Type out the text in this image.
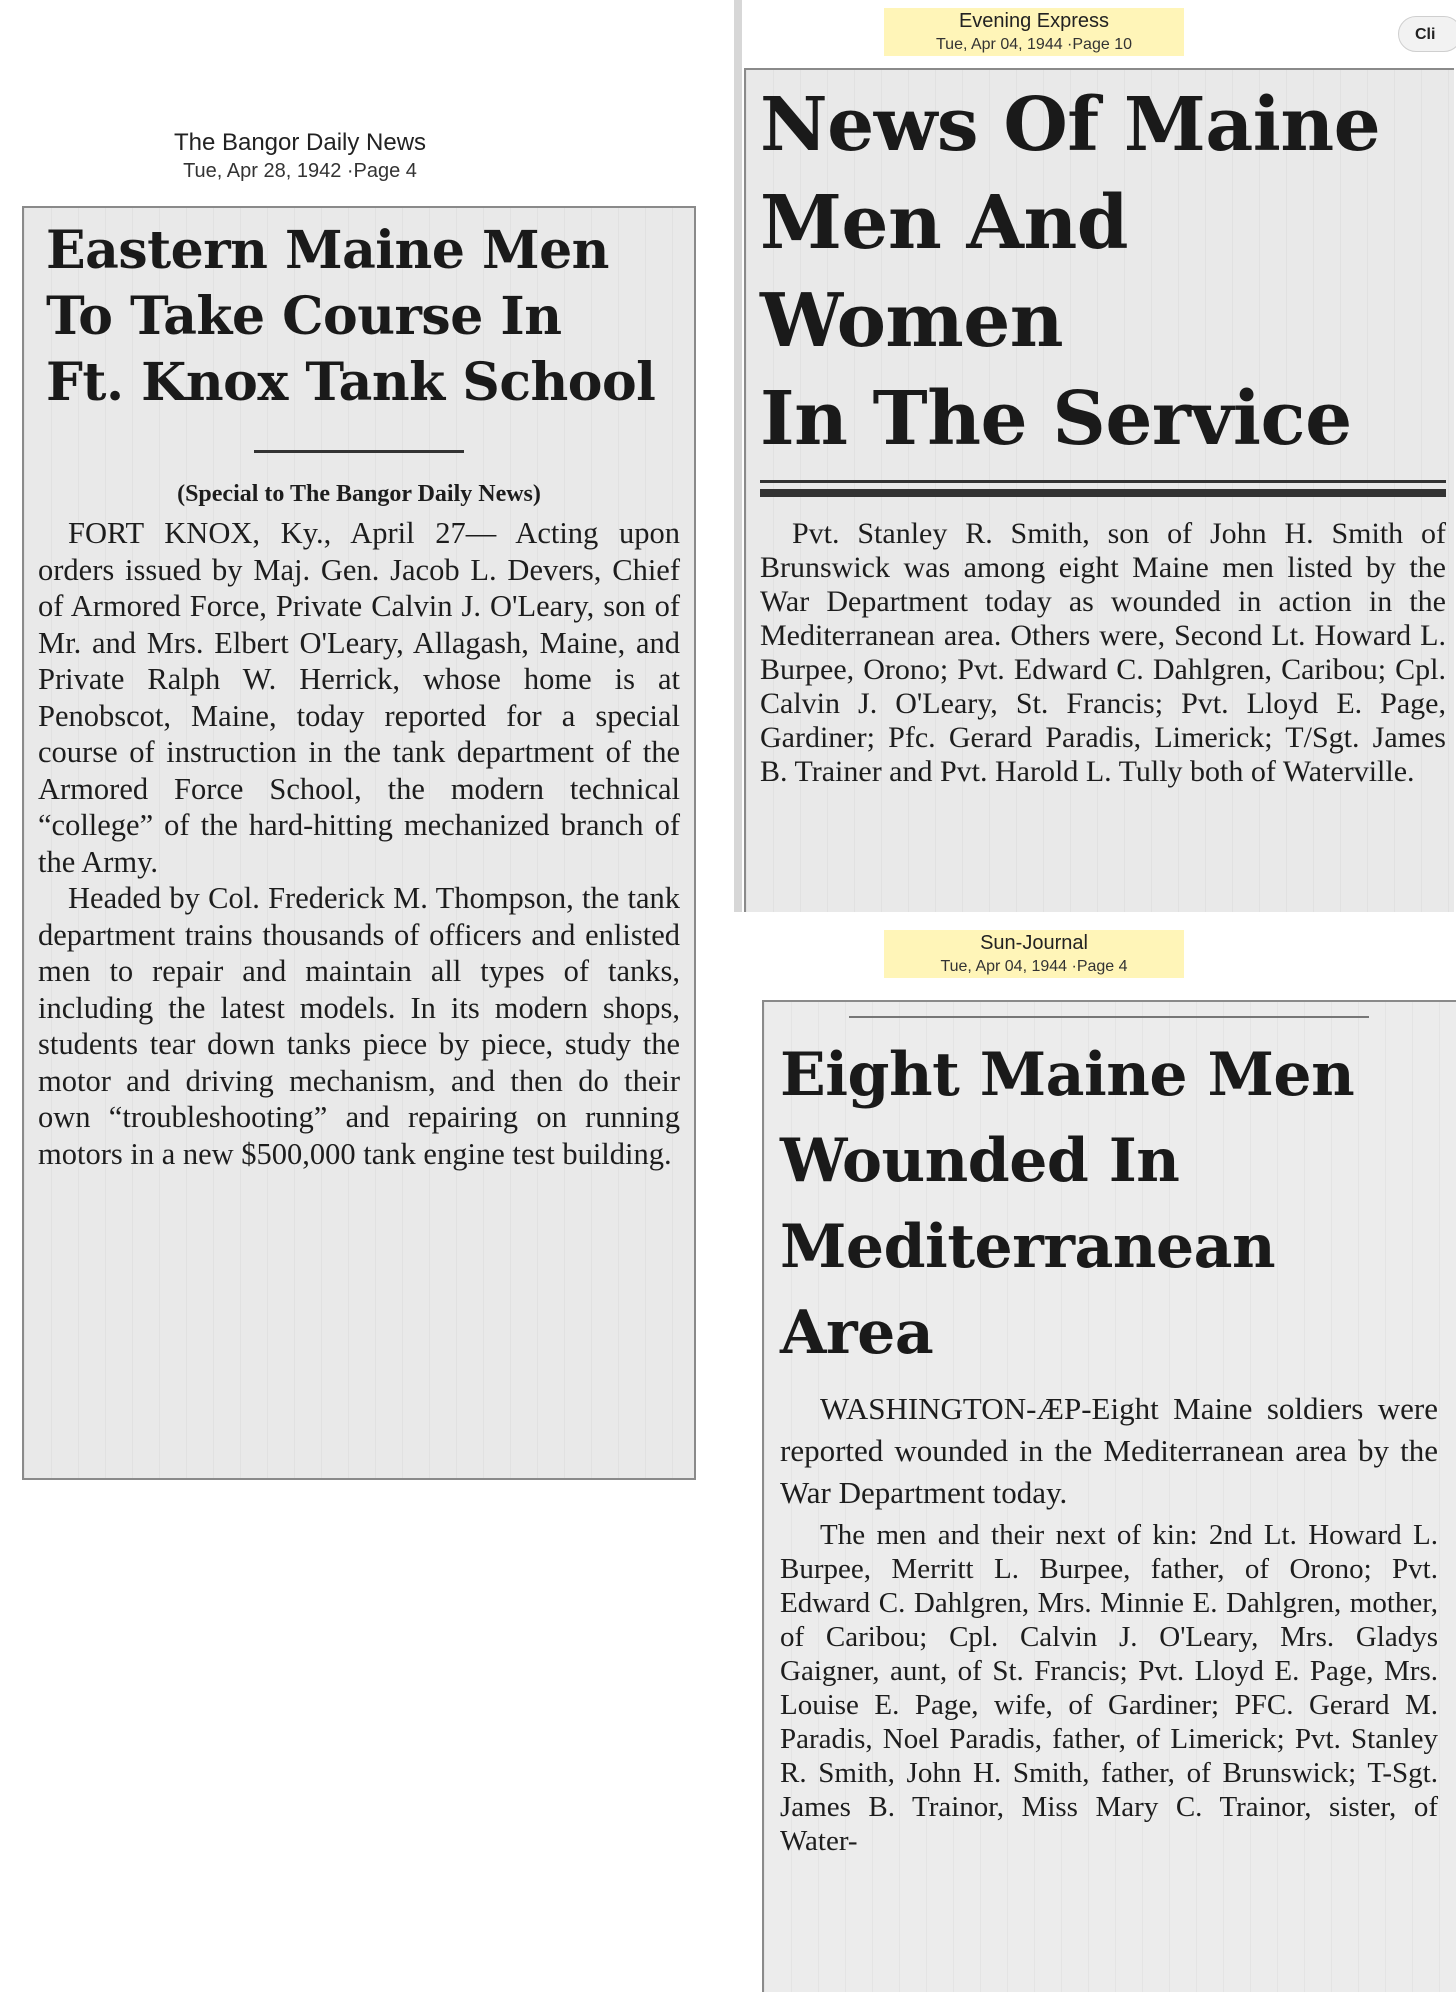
The Bangor Daily News
Tue, Apr 28, 1942 ·Page 4

Eastern Maine Men

To Take Course In

Ft. Knox Tank School

(Special to The Bangor Daily News)

FORT KNOX, Ky., April 27— Acting upon orders issued by Maj. Gen. Jacob L. Devers, Chief of Armored Force, Private Calvin J. O'Leary, son of Mr. and Mrs. Elbert O'Leary, Allagash, Maine, and Private Ralph W. Herrick, whose home is at Penobscot, Maine, today reported for a special course of instruction in the tank department of the Armored Force School, the modern technical “college” of the hard-hitting mechanized branch of the Army.

Headed by Col. Frederick M. Thompson, the tank department trains thousands of officers and enlisted men to repair and maintain all types of tanks, including the latest models. In its modern shops, students tear down tanks piece by piece, study the motor and driving mechanism, and then do their own “troubleshooting” and repairing on running motors in a new $500,000 tank engine test building.

Evening Express
Tue, Apr 04, 1944 ·Page 10
Cli

News Of Maine

Men And Women

In The Service

Pvt. Stanley R. Smith, son of John H. Smith of Brunswick was among eight Maine men listed by the War Department today as wounded in action in the Mediterranean area. Others were, Second Lt. Howard L. Burpee, Orono; Pvt. Edward C. Dahlgren, Caribou; Cpl. Calvin J. O'Leary, St. Francis; Pvt. Lloyd E. Page, Gardiner; Pfc. Gerard Paradis, Limerick; T/Sgt. James B. Trainer and Pvt. Harold L. Tully both of Waterville.

Sun-Journal
Tue, Apr 04, 1944 ·Page 4

Eight Maine Men

Wounded In

Mediterranean Area

WASHINGTON-ÆP-Eight Maine soldiers were reported wounded in the Mediterranean area by the War Department today.

The men and their next of kin: 2nd Lt. Howard L. Burpee, Merritt L. Burpee, father, of Orono; Pvt. Edward C. Dahlgren, Mrs. Minnie E. Dahlgren, mother, of Caribou; Cpl. Calvin J. O'Leary, Mrs. Gladys Gaigner, aunt, of St. Francis; Pvt. Lloyd E. Page, Mrs. Louise E. Page, wife, of Gardiner; PFC. Gerard M. Paradis, Noel Paradis, father, of Limerick; Pvt. Stanley R. Smith, John H. Smith, father, of Brunswick; T-Sgt. James B. Trainor, Miss Mary C. Trainor, sister, of Water-
